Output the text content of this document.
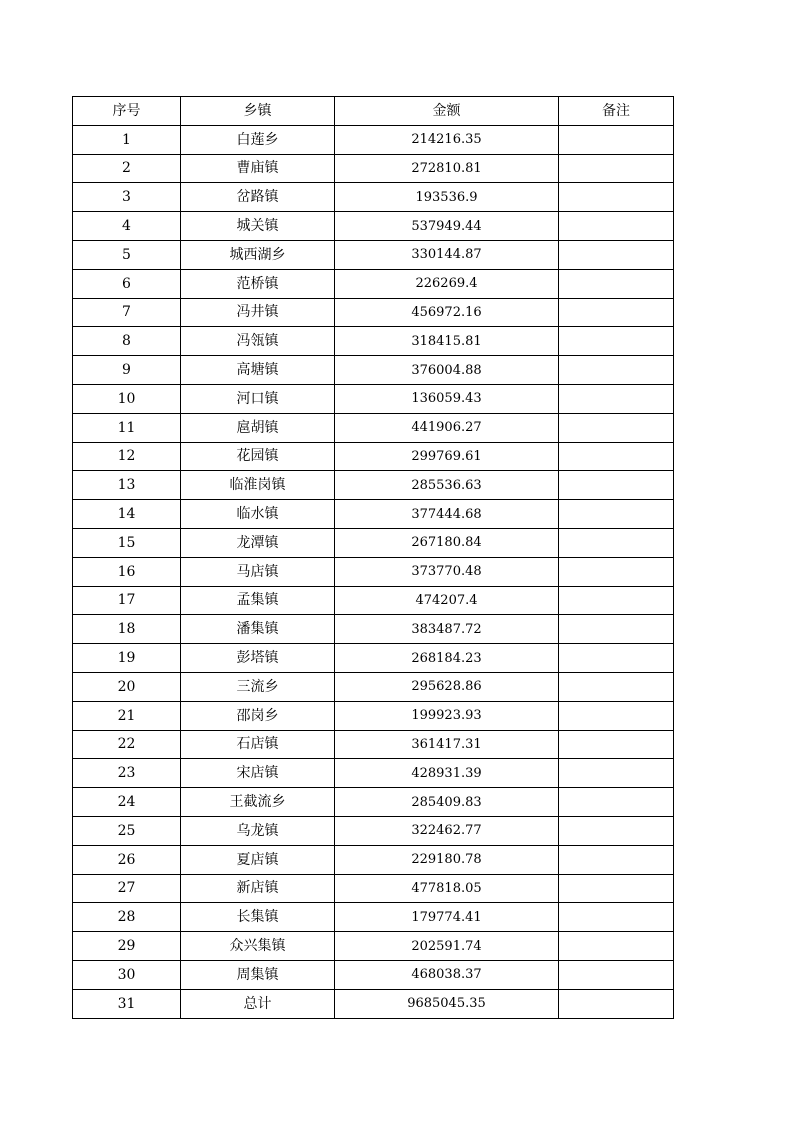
序号	乡镇	金额	备注
1	白莲乡	214216.35	
2	曹庙镇	272810.81	
3	岔路镇	193536.9	
4	城关镇	537949.44	
5	城西湖乡	330144.87	
6	范桥镇	226269.4	
7	冯井镇	456972.16	
8	冯瓴镇	318415.81	
9	高塘镇	376004.88	
10	河口镇	136059.43	
11	扈胡镇	441906.27	
12	花园镇	299769.61	
13	临淮岗镇	285536.63	
14	临水镇	377444.68	
15	龙潭镇	267180.84	
16	马店镇	373770.48	
17	孟集镇	474207.4	
18	潘集镇	383487.72	
19	彭塔镇	268184.23	
20	三流乡	295628.86	
21	邵岗乡	199923.93	
22	石店镇	361417.31	
23	宋店镇	428931.39	
24	王截流乡	285409.83	
25	乌龙镇	322462.77	
26	夏店镇	229180.78	
27	新店镇	477818.05	
28	长集镇	179774.41	
29	众兴集镇	202591.74	
30	周集镇	468038.37	
31	总计	9685045.35	
